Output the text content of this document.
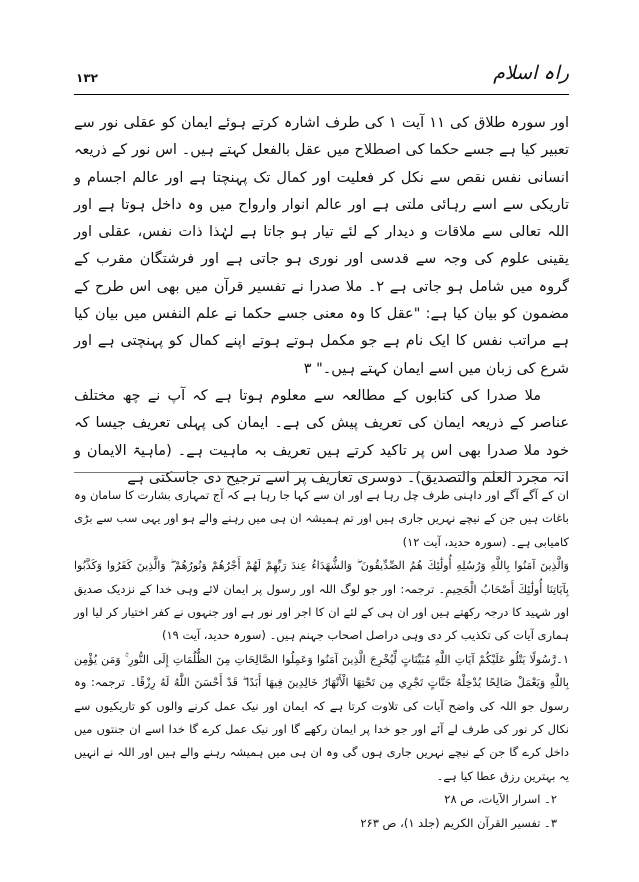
راہ اسلام
۱۳۲

اور سورہ طلاق کی ۱۱ آیت ۱ کی طرف اشارہ کرتے ہوئے ایمان کو عقلی نور سے تعبیر کیا ہے جسے حکما کی اصطلاح میں عقل بالفعل کہتے ہیں۔ اس نور کے ذریعہ انسانی نفس نقص سے نکل کر فعلیت اور کمال تک پہنچتا ہے اور عالم اجسام و تاریکی سے اسے رہائی ملتی ہے اور عالم انوار وارواح میں وہ داخل ہوتا ہے اور اللہ تعالی سے ملاقات و دیدار کے لئے تیار ہو جاتا ہے لہٰذا ذات نفس، عقلی اور یقینی علوم کی وجہ سے قدسی اور نوری ہو جاتی ہے اور فرشتگان مقرب کے گروہ میں شامل ہو جاتی ہے ۲۔ ملا صدرا نے تفسیر قرآن میں بھی اس طرح کے مضمون کو بیان کیا ہے: "عقل کا وہ معنی جسے حکما نے علم النفس میں بیان کیا ہے مراتب نفس کا ایک نام ہے جو مکمل ہوتے ہوتے اپنے کمال کو پہنچتی ہے اور شرع کی زبان میں اسے ایمان کہتے ہیں۔" ۳

ملا صدرا کی کتابوں کے مطالعہ سے معلوم ہوتا ہے کہ آپ نے چھ مختلف عناصر کے ذریعہ ایمان کی تعریف پیش کی ہے۔ ایمان کی پہلی تعریف جیسا کہ خود ملا صدرا بھی اس پر تاکید کرتے ہیں تعریف بہ ماہیت ہے۔ (ماہیۃ الایمان و انہ مجرد العلم والتصدیق)۔ دوسری تعاریف پر اسے ترجیح دی جاسکتی ہے

ان کے آگے آگے اور داہنی طرف چل رہا ہے اور ان سے کہا جا رہا ہے کہ آج تمہاری بشارت کا سامان وہ باغات ہیں جن کے نیچے نہریں جاری ہیں اور تم ہمیشہ ان ہی میں رہنے والے ہو اور یہی سب سے بڑی کامیابی ہے۔ (سورہ حدید، آیت ۱۲)

وَالَّذِينَ آمَنُوا بِاللَّهِ وَرُسُلِهِ أُولَٰئِكَ هُمُ الصِّدِّيقُونَ ۖ وَالشُّهَدَاءُ عِندَ رَبِّهِمْ لَهُمْ أَجْرُهُمْ وَنُورُهُمْ ۖ وَالَّذِينَ كَفَرُوا وَكَذَّبُوا بِآيَاتِنَا أُولَٰئِكَ أَصْحَابُ الْجَحِيمِ۔ ترجمہ: اور جو لوگ اللہ اور رسول پر ایمان لائے وہی خدا کے نزدیک صدیق اور شہید کا درجہ رکھتے ہیں اور ان ہی کے لئے ان کا اجر اور نور ہے اور جنہوں نے کفر اختیار کر لیا اور ہماری آیات کی تکذیب کر دی وہی دراصل اصحاب جہنم ہیں۔ (سورہ حدید، آیت ۱۹)

۱۔رَّسُولًا يَتْلُو عَلَيْكُمْ آيَاتِ اللَّهِ مُبَيِّنَاتٍ لِّيُخْرِجَ الَّذِينَ آمَنُوا وَعَمِلُوا الصَّالِحَاتِ مِنَ الظُّلُمَاتِ إِلَى النُّورِ ۚ وَمَن يُؤْمِن بِاللَّهِ وَيَعْمَلْ صَالِحًا يُدْخِلْهُ جَنَّاتٍ تَجْرِي مِن تَحْتِهَا الْأَنْهَارُ خَالِدِينَ فِيهَا أَبَدًا ۖ قَدْ أَحْسَنَ اللَّهُ لَهُ رِزْقًا۔ ترجمہ: وہ رسول جو اللہ کی واضح آیات کی تلاوت کرتا ہے کہ ایمان اور نیک عمل کرنے والوں کو تاریکیوں سے نکال کر نور کی طرف لے آئے اور جو خدا پر ایمان رکھے گا اور نیک عمل کرے گا خدا اسے ان جنتوں میں داخل کرے گا جن کے نیچے نہریں جاری ہوں گی وہ ان ہی میں ہمیشہ رہنے والے ہیں اور اللہ نے انہیں یہ بہترین رزق عطا کیا ہے۔

۲۔ اسرار الآیات، ص ۲۸

۳۔ تفسیر القرآن الکریم (جلد ۱)، ص ۲۶۳
